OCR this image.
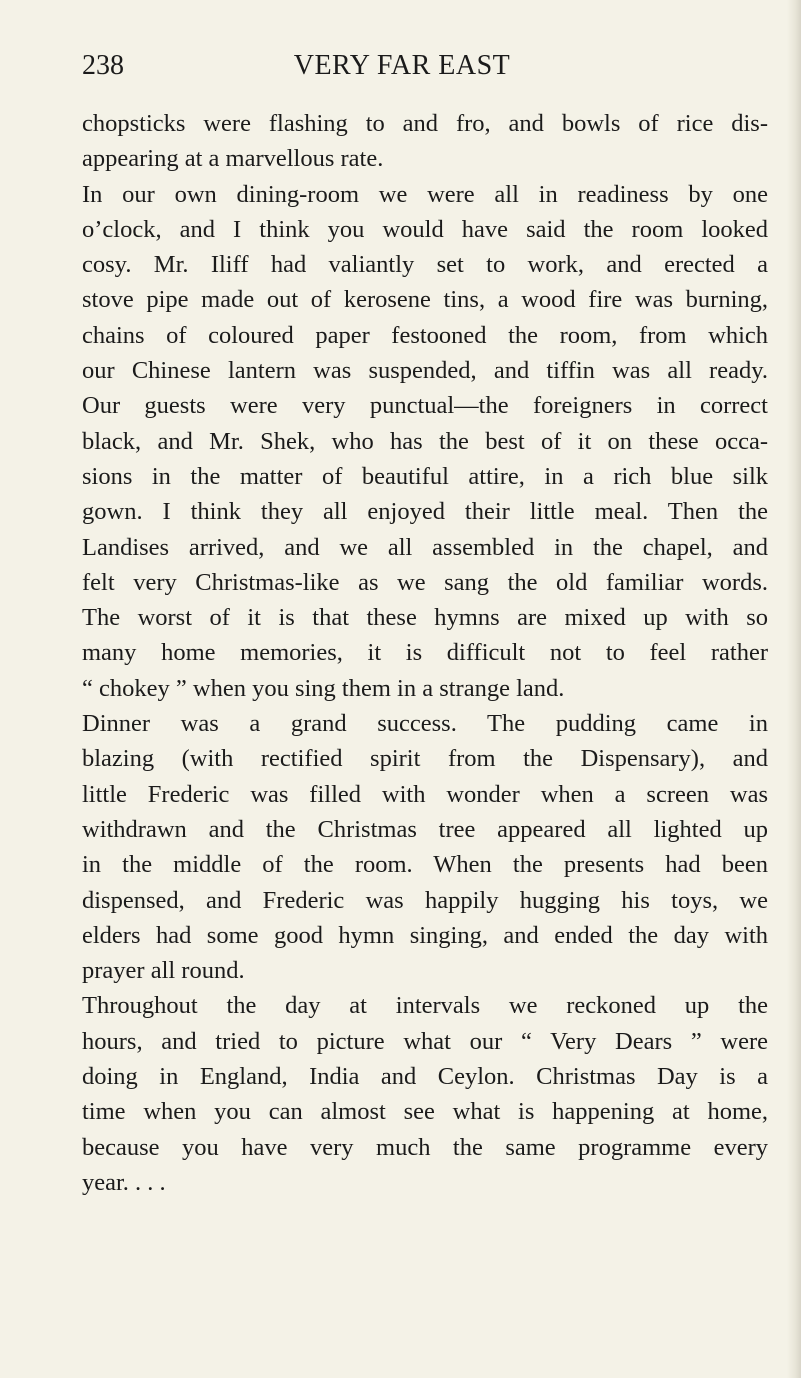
238	VERY FAR EAST

chopsticks were flashing to and fro, and bowls of rice dis-
appearing at a marvellous rate.

In our own dining-room we were all in readiness by one
o’clock, and I think you would have said the room looked
cosy. Mr. Iliff had valiantly set to work, and erected a
stove pipe made out of kerosene tins, a wood fire was burning,
chains of coloured paper festooned the room, from which
our Chinese lantern was suspended, and tiffin was all ready.

Our guests were very punctual—the foreigners in correct
black, and Mr. Shek, who has the best of it on these occa-
sions in the matter of beautiful attire, in a rich blue silk
gown. I think they all enjoyed their little meal. Then the
Landises arrived, and we all assembled in the chapel, and
felt very Christmas-like as we sang the old familiar words.
The worst of it is that these hymns are mixed up with so
many home memories, it is difficult not to feel rather
“ chokey ” when you sing them in a strange land.

Dinner was a grand success. The pudding came in
blazing (with rectified spirit from the Dispensary), and
little Frederic was filled with wonder when a screen was
withdrawn and the Christmas tree appeared all lighted up
in the middle of the room. When the presents had been
dispensed, and Frederic was happily hugging his toys, we
elders had some good hymn singing, and ended the day with
prayer all round.

Throughout the day at intervals we reckoned up the
hours, and tried to picture what our “ Very Dears ” were
doing in England, India and Ceylon. Christmas Day is a
time when you can almost see what is happening at home,
because you have very much the same programme every
year. . . .
